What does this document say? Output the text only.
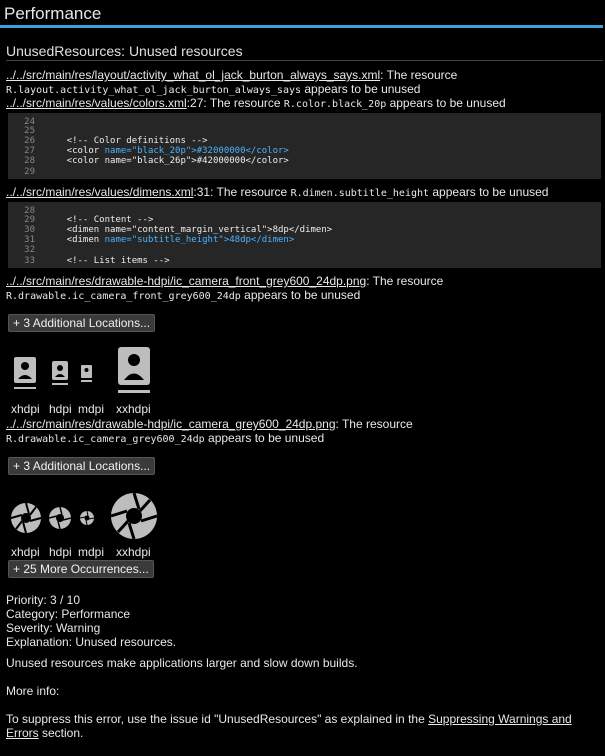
Performance
UnusedResources: Unused resources
../../src/main/res/layout/activity_what_ol_jack_burton_always_says.xml: The resource
R.layout.activity_what_ol_jack_burton_always_says appears to be unused
../../src/main/res/values/colors.xml:27: The resource R.color.black_20p appears to be unused
24
25
26    <!-- Color definitions -->
27    <color name="black_20p">#32000000</color>
28    <color name="black_26p">#42000000</color>
29
../../src/main/res/values/dimens.xml:31: The resource R.dimen.subtitle_height appears to be unused
28
29    <!-- Content -->
30    <dimen name="content_margin_vertical">8dp</dimen>
31    <dimen name="subtitle_height">48dp</dimen>
32
33    <!-- List items -->
../../src/main/res/drawable-hdpi/ic_camera_front_grey600_24dp.png: The resource
R.drawable.ic_camera_front_grey600_24dp appears to be unused
+ 3 Additional Locations...
xhdpi hdpi mdpi xxhdpi
../../src/main/res/drawable-hdpi/ic_camera_grey600_24dp.png: The resource
R.drawable.ic_camera_grey600_24dp appears to be unused
+ 3 Additional Locations...
xhdpi hdpi mdpi xxhdpi
+ 25 More Occurrences...
Priority: 3 / 10
Category: Performance
Severity: Warning
Explanation: Unused resources.
Unused resources make applications larger and slow down builds.
More info:
To suppress this error, use the issue id "UnusedResources" as explained in the Suppressing Warnings and
Errors section.
